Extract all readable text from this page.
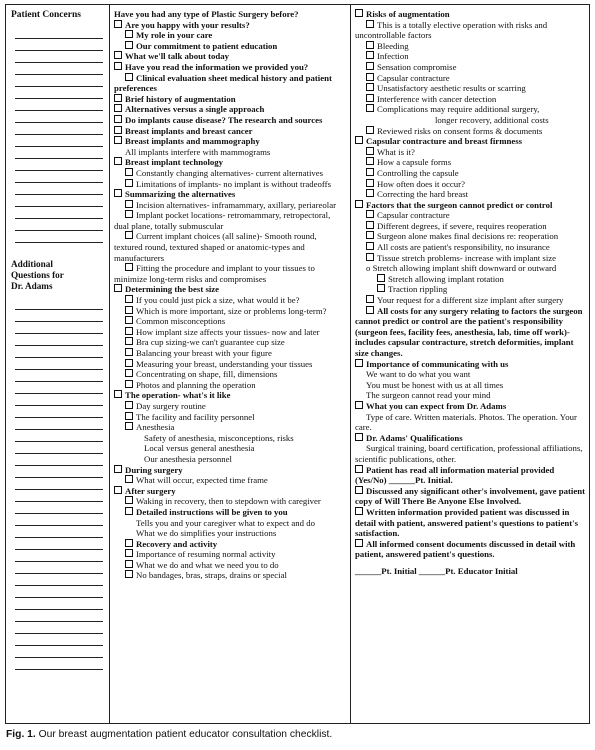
Patient Concerns
Additional
Questions for
Dr. Adams
Have you had any type of Plastic Surgery before?
Are you happy with your results?
My role in your care
Our commitment to patient education
What we'll talk about today
Have you read the information we provided you?
Clinical evaluation sheet medical history and patient preferences
Brief history of augmentation
Alternatives versus a single approach
Do implants cause disease? The research and sources
Breast implants and breast cancer
Breast implants and mammography
All implants interfere with mammograms
Breast implant technology
Constantly changing alternatives- current alternatives
Limitations of implants- no implant is without tradeoffs
Summarizing the alternatives
Incision alternatives- inframammary, axillary, periareolar
Implant pocket locations- retromammary, retropectoral, dual plane, totally submuscular
Current implant choices (all saline)- Smooth round, textured round, textured shaped or anatomic-types and manufacturers
Fitting the procedure and implant to your tissues to minimize long-term risks and compromises
Determining the best size
If you could just pick a size, what would it be?
Which is more important, size or problems long-term?
Common misconceptions
How implant size affects your tissues- now and later
Bra cup sizing-we can't guarantee cup size
Balancing your breast with your figure
Measuring your breast, understanding your tissues
Concentrating on shape, fill, dimensions
Photos and planning the operation
The operation- what's it like
Day surgery routine
The facility and facility personnel
Anesthesia
Safety of anesthesia, misconceptions, risks
Local versus general anesthesia
Our anesthesia personnel
During surgery
What will occur, expected time frame
After surgery
Waking in recovery, then to stepdown with caregiver
Detailed instructions will be given to you
Tells you and your caregiver what to expect and do
What we do simplifies your instructions
Recovery and activity
Importance of resuming normal activity
What we do and what we need you to do
No bandages, bras, straps, drains or special
Risks of augmentation
This is a totally elective operation with risks and uncontrollable factors
Bleeding
Infection
Sensation compromise
Capsular contracture
Unsatisfactory aesthetic results or scarring
Interference with cancer detection
Complications may require additional surgery,
longer recovery, additional costs
Reviewed risks on consent forms & documents
Capsular contracture and breast firmness
What is it?
How a capsule forms
Controlling the capsule
How often does it occur?
Correcting the hard breast
Factors that the surgeon cannot predict or control
Capsular contracture
Different degrees, if severe, requires reoperation
Surgeon alone makes final decisions re: reoperation
All costs are patient's responsibility, no insurance
Tissue stretch problems- increase with implant size
o Stretch allowing implant shift downward or outward
Stretch allowing implant rotation
Traction rippling
Your request for a different size implant after surgery
All costs for any surgery relating to factors the surgeon cannot predict or control are the patient's responsibility (surgeon fees, facility fees, anesthesia, lab, time off work)- includes capsular contracture, stretch deformities, implant size changes.
Importance of communicating with us
We want to do what you want
You must be honest with us at all times
The surgeon cannot read your mind
What you can expect from Dr. Adams
Type of care. Written materials. Photos. The operation. Your care.
Dr. Adams' Qualifications
Surgical training, board certification, professional affiliations, scientific publications, other.
Patient has read all information material provided (Yes/No) ______Pt. Initial.
Discussed any significant other's involvement, gave patient copy of Will There Be Anyone Else Involved.
Written information provided patient was discussed in detail with patient, answered patient's questions to patient's satisfaction.
All informed consent documents discussed in detail with patient, answered patient's questions.
______Pt. Initial ______Pt. Educator Initial
Fig. 1. Our breast augmentation patient educator consultation checklist.
